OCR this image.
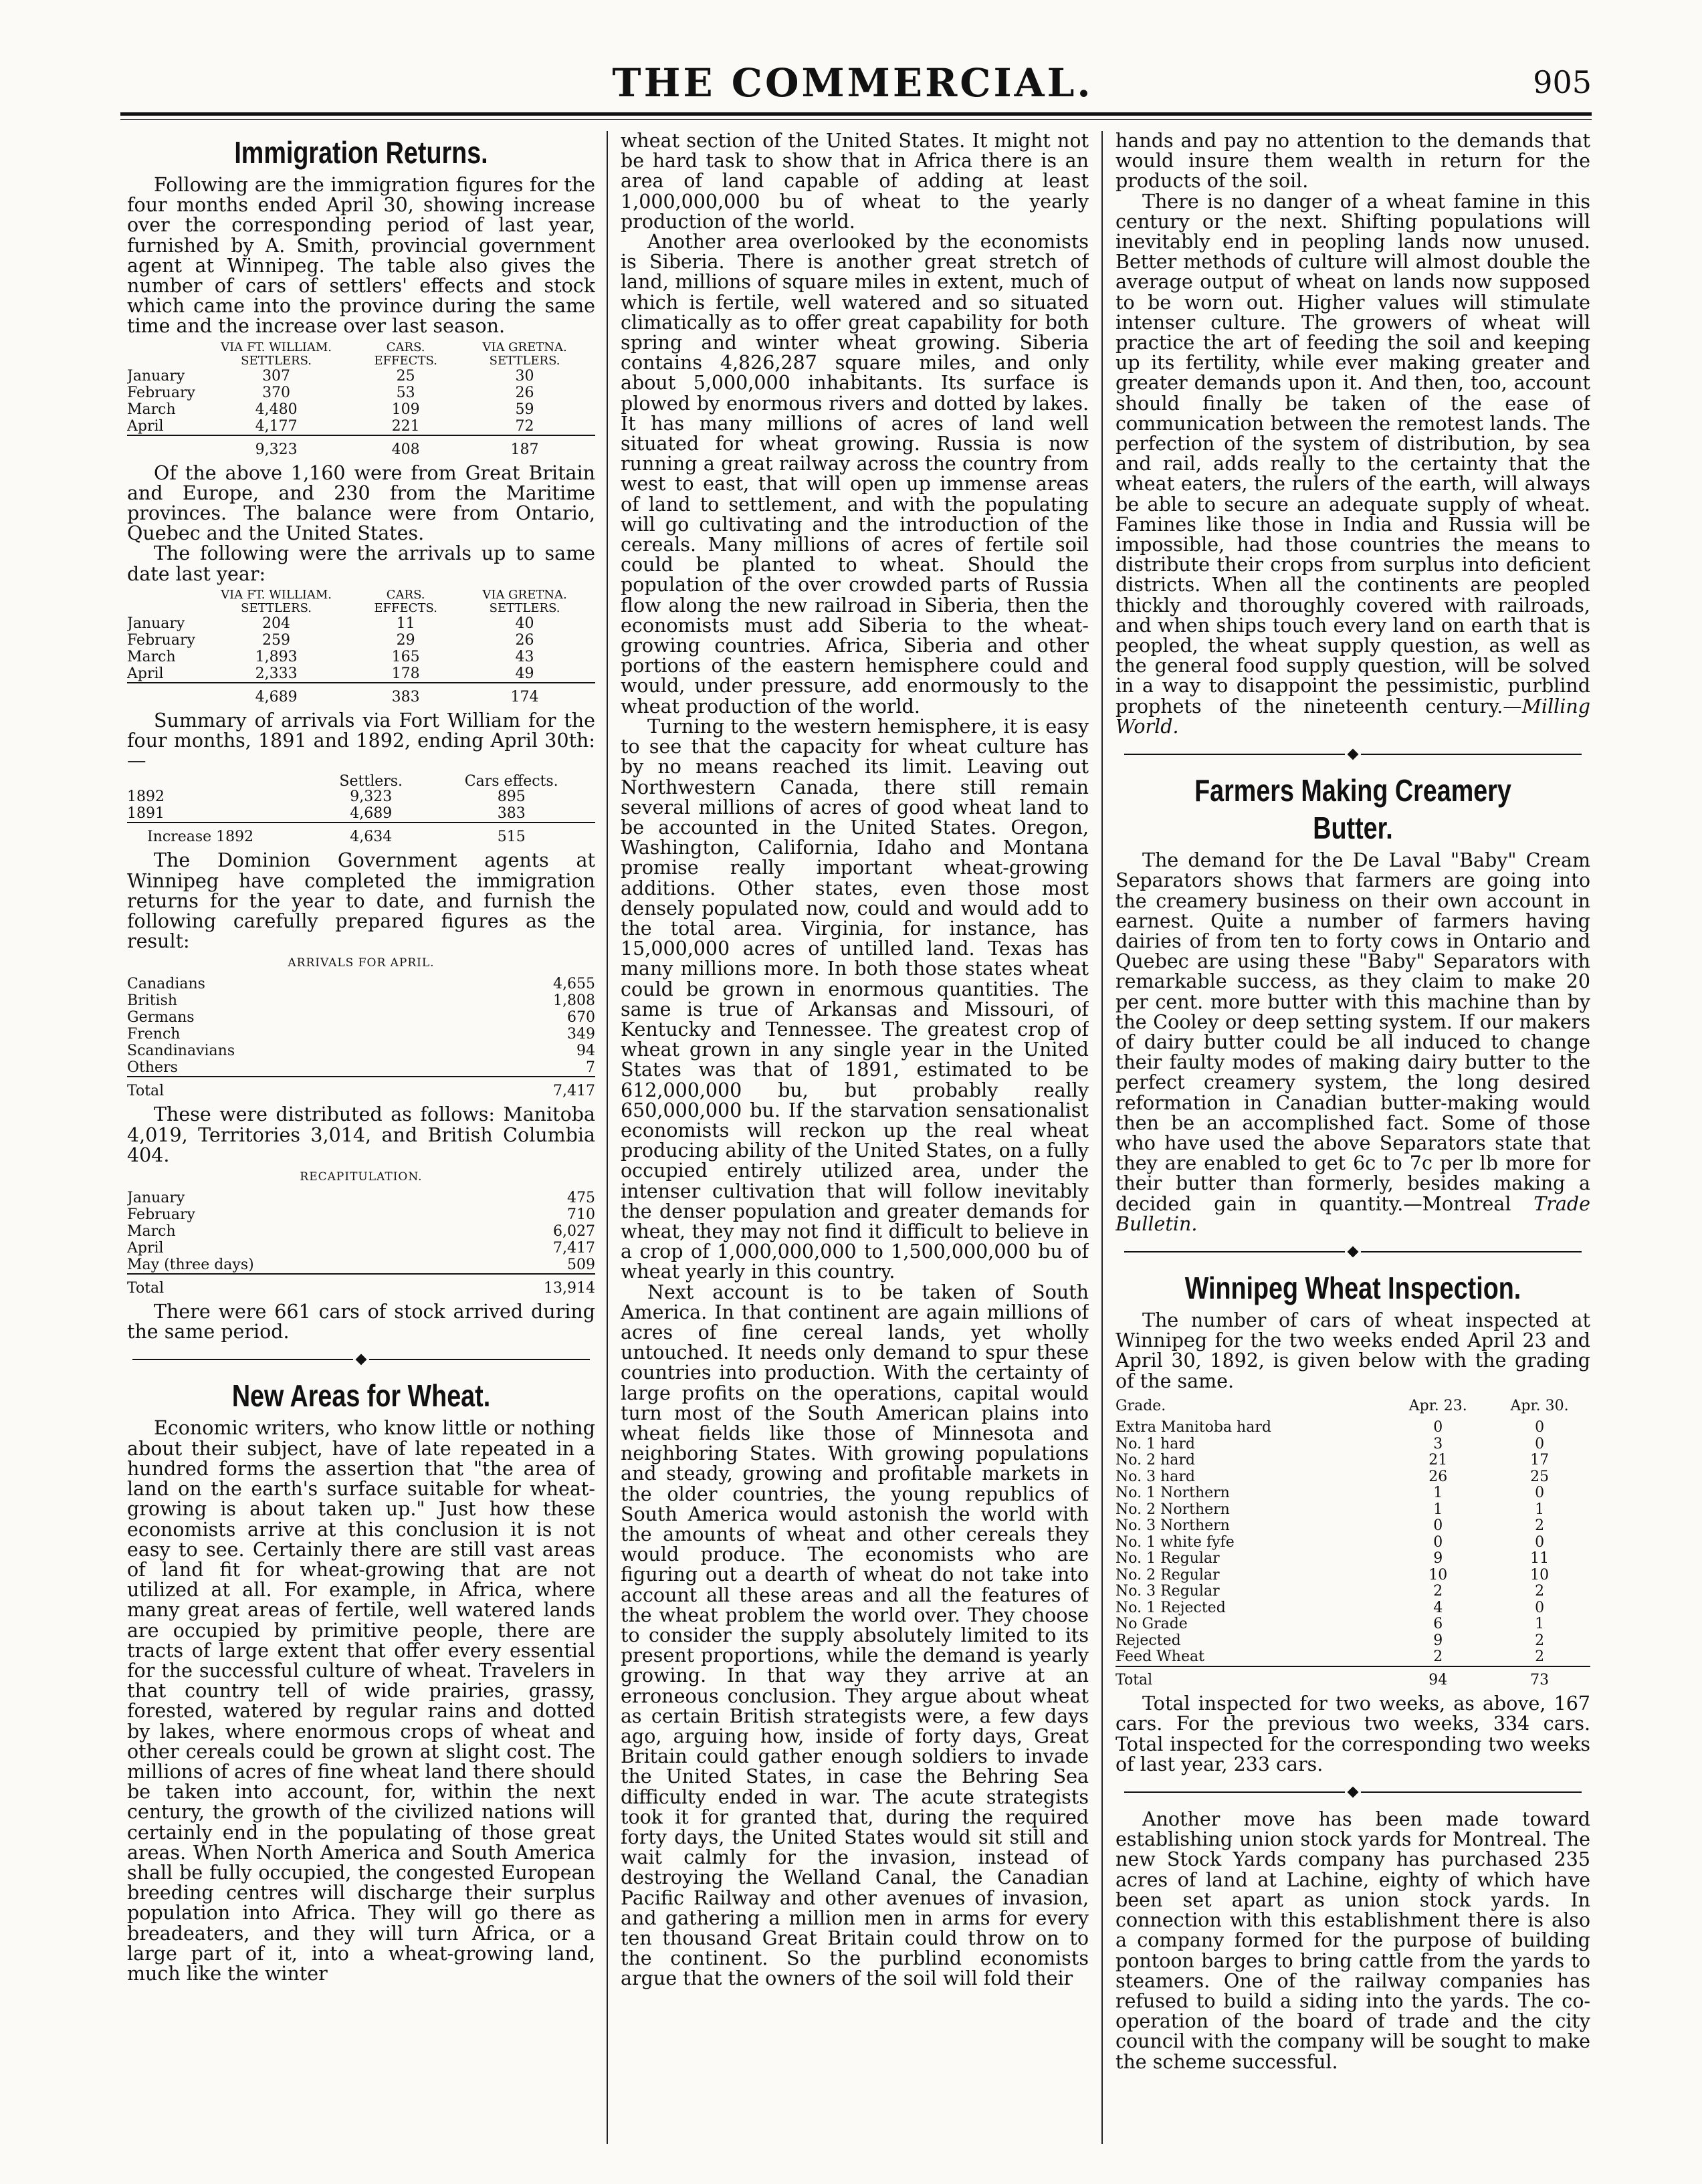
THE COMMERCIAL.	905
Immigration Returns.

Following are the immigration figures for the four months ended April 30, showing increase over the corresponding period of last year, furnished by A. Smith, provincial government agent at Winnipeg. The table also gives the number of cars of settlers' effects and stock which came into the province during the same time and the increase over last season.

	VIA FT. WILLIAM. SETTLERS.	CARS. EFFECTS.	VIA GRETNA. SETTLERS.
January	307	25	30
February	370	53	26
March	4,480	109	59
April	4,177	221	72
	9,323	408	187

Of the above 1,160 were from Great Britain and Europe, and 230 from the Maritime provinces. The balance were from Ontario, Quebec and the United States.

The following were the arrivals up to same date last year:

	VIA FT. WILLIAM. SETTLERS.	CARS. EFFECTS.	VIA GRETNA. SETTLERS.
January	204	11	40
February	259	29	26
March	1,893	165	43
April	2,333	178	49
	4,689	383	174

Summary of arrivals via Fort William for the four months, 1891 and 1892, ending April 30th:—

		Settlers.	Cars effects.
1892		9,323	895
1891		4,689	383
Increase 1892		4,634	515

The Dominion Government agents at Winnipeg have completed the immigration returns for the year to date, and furnish the following carefully prepared figures as the result:

ARRIVALS FOR APRIL.
Canadians	4,655
British	1,808
Germans	670
French	349
Scandinavians	94
Others	7
Total	7,417

These were distributed as follows: Manitoba 4,019, Territories 3,014, and British Columbia 404.

RECAPITULATION.
January	475
February	710
March	6,027
April	7,417
May (three days)	509
Total	13,914

There were 661 cars of stock arrived during the same period.

New Areas for Wheat.

Economic writers, who know little or nothing about their subject, have of late repeated in a hundred forms the assertion that "the area of land on the earth's surface suitable for wheat-growing is about taken up." Just how these economists arrive at this conclusion it is not easy to see. Certainly there are still vast areas of land fit for wheat-growing that are not utilized at all. For example, in Africa, where many great areas of fertile, well watered lands are occupied by primitive people, there are tracts of large extent that offer every essential for the successful culture of wheat. Travelers in that country tell of wide prairies, grassy, forested, watered by regular rains and dotted by lakes, where enormous crops of wheat and other cereals could be grown at slight cost. The millions of acres of fine wheat land there should be taken into account, for, within the next century, the growth of the civilized nations will certainly end in the populating of those great areas. When North America and South America shall be fully occupied, the congested European breeding centres will discharge their surplus population into Africa. They will go there as breadeaters, and they will turn Africa, or a large part of it, into a wheat-growing land, much like the winter

wheat section of the United States. It might not be hard task to show that in Africa there is an area of land capable of adding at least 1,000,000,000 bu of wheat to the yearly production of the world.

Another area overlooked by the economists is Siberia. There is another great stretch of land, millions of square miles in extent, much of which is fertile, well watered and so situated climatically as to offer great capability for both spring and winter wheat growing. Siberia contains 4,826,287 square miles, and only about 5,000,000 inhabitants. Its surface is plowed by enormous rivers and dotted by lakes. It has many millions of acres of land well situated for wheat growing. Russia is now running a great railway across the country from west to east, that will open up immense areas of land to settlement, and with the populating will go cultivating and the introduction of the cereals. Many millions of acres of fertile soil could be planted to wheat. Should the population of the over crowded parts of Russia flow along the new railroad in Siberia, then the economists must add Siberia to the wheat-growing countries. Africa, Siberia and other portions of the eastern hemisphere could and would, under pressure, add enormously to the wheat production of the world.

Turning to the western hemisphere, it is easy to see that the capacity for wheat culture has by no means reached its limit. Leaving out Northwestern Canada, there still remain several millions of acres of good wheat land to be accounted in the United States. Oregon, Washington, California, Idaho and Montana promise really important wheat-growing additions. Other states, even those most densely populated now, could and would add to the total area. Virginia, for instance, has 15,000,000 acres of untilled land. Texas has many millions more. In both those states wheat could be grown in enormous quantities. The same is true of Arkansas and Missouri, of Kentucky and Tennessee. The greatest crop of wheat grown in any single year in the United States was that of 1891, estimated to be 612,000,000 bu, but probably really 650,000,000 bu. If the starvation sensationalist economists will reckon up the real wheat producing ability of the United States, on a fully occupied entirely utilized area, under the intenser cultivation that will follow inevitably the denser population and greater demands for wheat, they may not find it difficult to believe in a crop of 1,000,000,000 to 1,500,000,000 bu of wheat yearly in this country.

Next account is to be taken of South America. In that continent are again millions of acres of fine cereal lands, yet wholly untouched. It needs only demand to spur these countries into production. With the certainty of large profits on the operations, capital would turn most of the South American plains into wheat fields like those of Minnesota and neighboring States. With growing populations and steady, growing and profitable markets in the older countries, the young republics of South America would astonish the world with the amounts of wheat and other cereals they would produce. The economists who are figuring out a dearth of wheat do not take into account all these areas and all the features of the wheat problem the world over. They choose to consider the supply absolutely limited to its present proportions, while the demand is yearly growing. In that way they arrive at an erroneous conclusion. They argue about wheat as certain British strategists were, a few days ago, arguing how, inside of forty days, Great Britain could gather enough soldiers to invade the United States, in case the Behring Sea difficulty ended in war. The acute strategists took it for granted that, during the required forty days, the United States would sit still and wait calmly for the invasion, instead of destroying the Welland Canal, the Canadian Pacific Railway and other avenues of invasion, and gathering a million men in arms for every ten thousand Great Britain could throw on to the continent. So the purblind economists argue that the owners of the soil will fold their

hands and pay no attention to the demands that would insure them wealth in return for the products of the soil.

There is no danger of a wheat famine in this century or the next. Shifting populations will inevitably end in peopling lands now unused. Better methods of culture will almost double the average output of wheat on lands now supposed to be worn out. Higher values will stimulate intenser culture. The growers of wheat will practice the art of feeding the soil and keeping up its fertility, while ever making greater and greater demands upon it. And then, too, account should finally be taken of the ease of communication between the remotest lands. The perfection of the system of distribution, by sea and rail, adds really to the certainty that the wheat eaters, the rulers of the earth, will always be able to secure an adequate supply of wheat. Famines like those in India and Russia will be impossible, had those countries the means to distribute their crops from surplus into deficient districts. When all the continents are peopled thickly and thoroughly covered with railroads, and when ships touch every land on earth that is peopled, the wheat supply question, as well as the general food supply question, will be solved in a way to disappoint the pessimistic, purblind prophets of the nineteenth century.—Milling World.

Farmers Making Creamery Butter.

The demand for the De Laval "Baby" Cream Separators shows that farmers are going into the creamery business on their own account in earnest. Quite a number of farmers having dairies of from ten to forty cows in Ontario and Quebec are using these "Baby" Separators with remarkable success, as they claim to make 20 per cent. more butter with this machine than by the Cooley or deep setting system. If our makers of dairy butter could be all induced to change their faulty modes of making dairy butter to the perfect creamery system, the long desired reformation in Canadian butter-making would then be an accomplished fact. Some of those who have used the above Separators state that they are enabled to get 6c to 7c per lb more for their butter than formerly, besides making a decided gain in quantity.—Montreal Trade Bulletin.

Winnipeg Wheat Inspection.

The number of cars of wheat inspected at Winnipeg for the two weeks ended April 23 and April 30, 1892, is given below with the grading of the same.

Grade.	Apr. 23.	Apr. 30.

Extra Manitoba hard	0	0
No. 1 hard	3	0
No. 2 hard	21	17
No. 3 hard	26	25
No. 1 Northern	1	0
No. 2 Northern	1	1
No. 3 Northern	0	2
No. 1 white fyfe	0	0
No. 1 Regular	9	11
No. 2 Regular	10	10
No. 3 Regular	2	2
No. 1 Rejected	4	0
No Grade	6	1
Rejected	9	2
Feed Wheat	2	2
Total	94	73

Total inspected for two weeks, as above, 167 cars. For the previous two weeks, 334 cars. Total inspected for the corresponding two weeks of last year, 233 cars.

Another move has been made toward establishing union stock yards for Montreal. The new Stock Yards company has purchased 235 acres of land at Lachine, eighty of which have been set apart as union stock yards. In connection with this establishment there is also a company formed for the purpose of building pontoon barges to bring cattle from the yards to steamers. One of the railway companies has refused to build a siding into the yards. The co-operation of the board of trade and the city council with the company will be sought to make the scheme successful.
